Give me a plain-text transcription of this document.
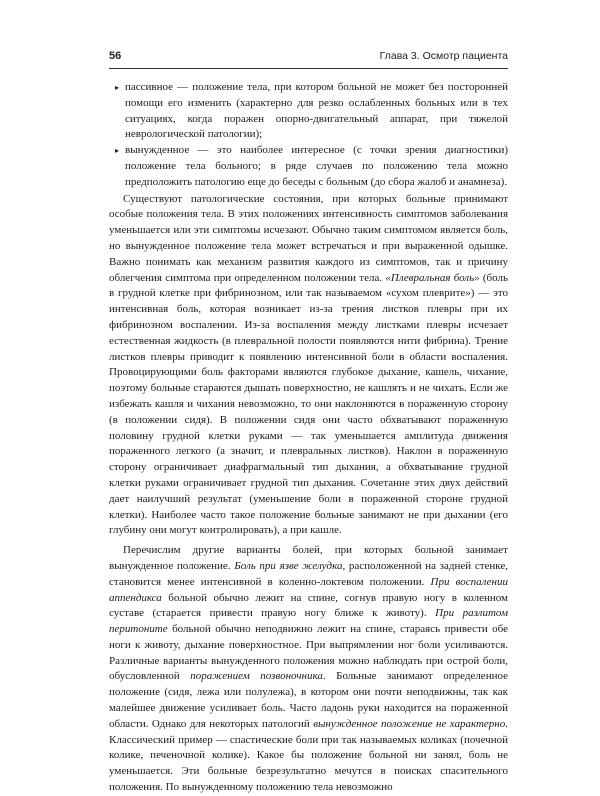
56	Глава 3. Осмотр пациента
▸ пассивное — положение тела, при котором больной не может без посторонней помощи его изменить (характерно для резко ослабленных больных или в тех ситуациях, когда поражен опорно-двигательный аппарат, при тяжелой неврологической патологии);
▸ вынужденное — это наиболее интересное (с точки зрения диагностики) положение тела больного; в ряде случаев по положению тела можно предположить патологию еще до беседы с больным (до сбора жалоб и анамнеза).

Существуют патологические состояния, при которых больные принимают особые положения тела. В этих положениях интенсивность симптомов заболевания уменьшается или эти симптомы исчезают. Обычно таким симптомом является боль, но вынужденное положение тела может встречаться и при выраженной одышке. Важно понимать как механизм развития каждого из симптомов, так и причину облегчения симптома при определенном положении тела. «Плевральная боль» (боль в грудной клетке при фибринозном, или так называемом «сухом плеврите») — это интенсивная боль, которая возникает из-за трения листков плевры при их фибринозном воспалении. Из-за воспаления между листками плевры исчезает естественная жидкость (в плевральной полости появляются нити фибрина). Трение листков плевры приводит к появлению интенсивной боли в области воспаления. Провоцирующими боль факторами являются глубокое дыхание, кашель, чихание, поэтому больные стараются дышать поверхностно, не кашлять и не чихать. Если же избежать кашля и чихания невозможно, то они наклоняются в пораженную сторону (в положении сидя). В положении сидя они часто обхватывают пораженную половину грудной клетки руками — так уменьшается амплитуда движения пораженного легкого (а значит, и плевральных листков). Наклон в пораженную сторону ограничивает диафрагмальный тип дыхания, а обхватывание грудной клетки руками ограничивает грудной тип дыхания. Сочетание этих двух действий дает наилучший результат (уменьшение боли в пораженной стороне грудной клетки). Наиболее часто такое положение больные занимают не при дыхании (его глубину они могут контролировать), а при кашле.

Перечислим другие варианты болей, при которых больной занимает вынужденное положение. Боль при язве желудка, расположенной на задней стенке, становится менее интенсивной в коленно-локтевом положении. При воспалении аппендикса больной обычно лежит на спине, согнув правую ногу в коленном суставе (старается привести правую ногу ближе к животу). При разлитом перитоните больной обычно неподвижно лежит на спине, стараясь привести обе ноги к животу, дыхание поверхностное. При выпрямлении ног боли усиливаются. Различные варианты вынужденного положения можно наблюдать при острой боли, обусловленной поражением позвоночника. Больные занимают определенное положение (сидя, лежа или полулежа), в котором они почти неподвижны, так как малейшее движение усиливает боль. Часто ладонь руки находится на пораженной области. Однако для некоторых патологий вынужденное положение не характерно. Классический пример — спастические боли при так называемых коликах (почечной колике, печеночной колике). Какое бы положение больной ни занял, боль не уменьшается. Эти больные безрезультатно мечутся в поисках спасительного положения. По вынужденному положению тела невозможно
